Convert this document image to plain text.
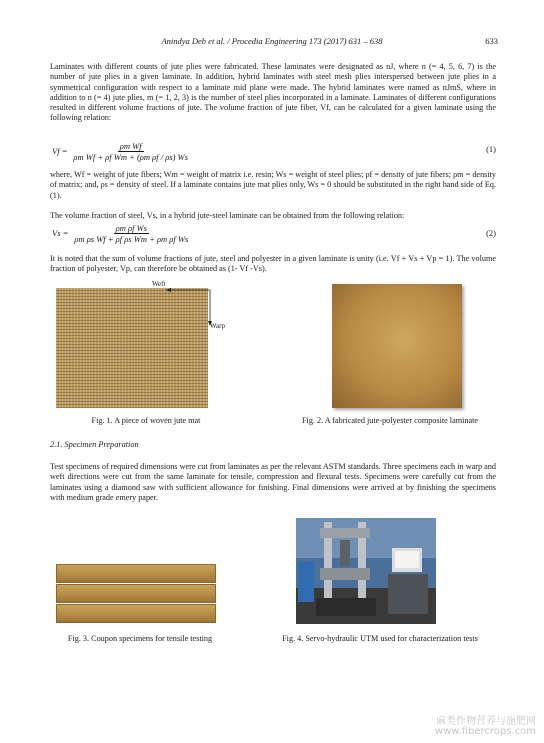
Anindya Deb et al. / Procedia Engineering 173 (2017) 631 – 638	633
Laminates with different counts of jute plies were fabricated. These laminates were designated as nJ, where n (= 4, 5, 6, 7) is the number of jute plies in a given laminate. In addition, hybrid laminates with steel mesh plies interspersed between jute plies in a symmetrical configuration with respect to a laminate mid plane were made. The hybrid laminates were named as nJmS, where in addition to n (= 4) jute plies, m (= 1, 2, 3) is the number of steel plies incorporated in a laminate. Laminates of different configurations resulted in different volume fractions of jute. The volume fraction of jute fiber, Vf, can be calculated for a given laminate using the following relation:
$Vf = \frac{\text{ρm Wf}}{\text{ρm Wf + ρf Wm + (ρm ρf / ρs) Ws}}$	(1)
where, Wf = weight of jute fibers; Wm = weight of matrix i.e. resin; Ws = weight of steel plies; ρf = density of jute fibers; ρm = density of matrix; and, ρs = density of steel. If a laminate contains jute mat plies only, Ws = 0 should be substituted in the right hand side of Eq. (1).
The volume fraction of steel, Vs, in a hybrid jute-steel laminate can be obtained from the following relation:
$Vs = \frac{\text{ρm ρf Ws}}{\text{ρm ρs Wf + ρf ρs Wm + ρm ρf Ws}}$	(2)
It is noted that the sum of volume fractions of jute, steel and polyester in a given laminate is unity (i.e. Vf + Vs + Vp = 1). The volume fraction of polyester, Vp, can therefore be obtained as (1- Vf -Vs).
Weft
Warp
Fig. 1. A piece of woven jute mat	Fig. 2. A fabricated jute-polyester composite laminate
2.1. Specimen Preparation
Test specimens of required dimensions were cut from laminates as per the relevant ASTM standards. Three specimens each in warp and weft directions were cut from the same laminate for tensile, compression and flexural tests. Specimens were carefully cut from the laminates using a diamond saw with sufficient allowance for finishing. Final dimensions were arrived at by finishing the specimens with medium grade emery paper.
Fig. 3. Coupon specimens for tensile testing	Fig. 4. Servo-hydraulic UTM used for characterization tests
麻类作物营养与施肥网
www.fibercrops.com
